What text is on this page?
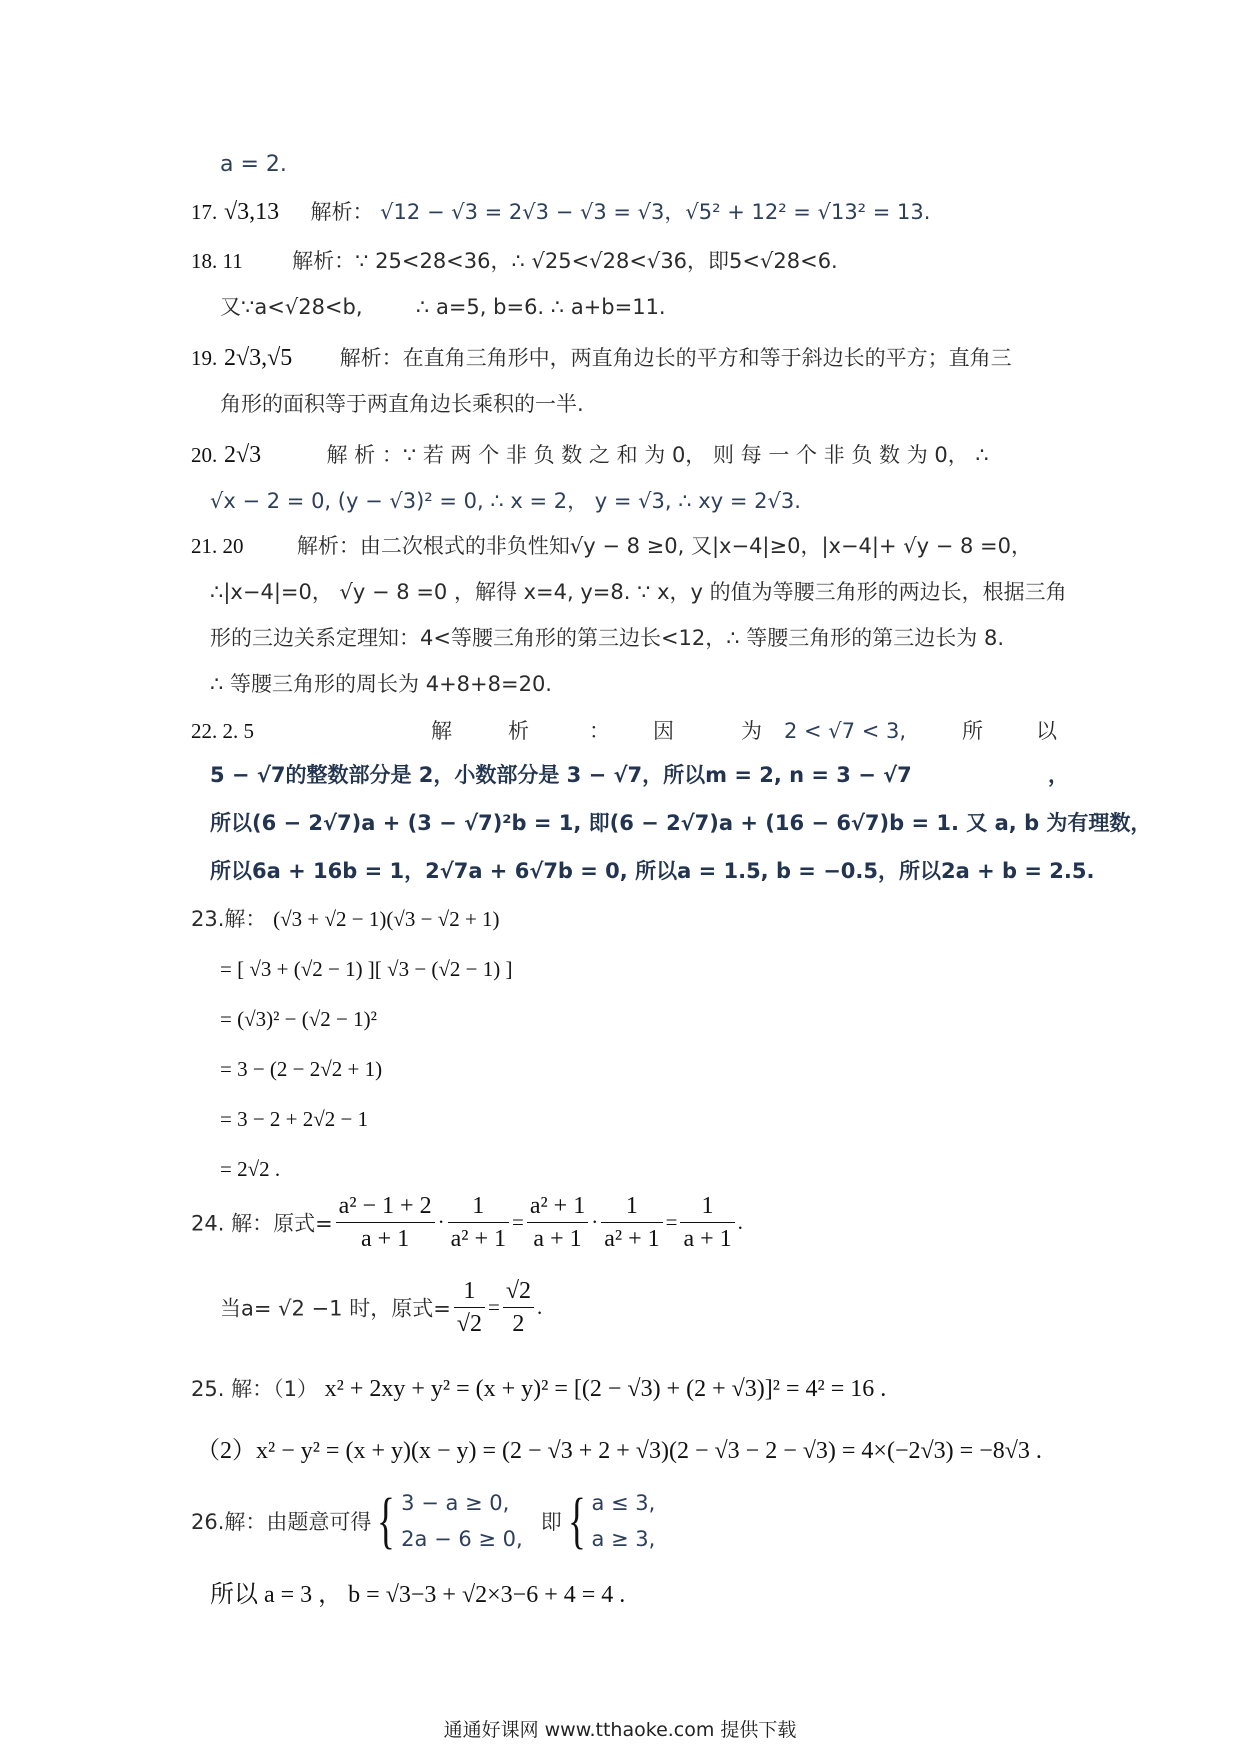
a = 2.
17. √3,13 解析： √12 − √3 = 2√3 − √3 = √3，√5² + 12² = √13² = 13.
18. 11 解析：∵ 25<28<36，∴ √25<√28<√36，即5<√28<6.
又∵a<√28<b,        ∴ a=5, b=6. ∴ a+b=11.
19. 2√3,√5 解析：在直角三角形中，两直角边长的平方和等于斜边长的平方；直角三
角形的面积等于两直角边长乘积的一半.
20. 2√3	解 析 ：∵ 若 两 个 非 负 数 之 和 为 0， 则 每 一 个 非 负 数 为 0， ∴
√x − 2 = 0, (y − √3)² = 0, ∴ x = 2， y = √3, ∴ xy = 2√3.
21. 20	解析：由二次根式的非负性知√y − 8 ≥0, 又|x−4|≥0，|x−4|+ √y − 8 =0，
∴|x−4|=0， √y − 8 =0 ，解得 x=4, y=8. ∵ x，y 的值为等腰三角形的两边长，根据三角
形的三边关系定理知：4<等腰三角形的第三边长<12，∴ 等腰三角形的第三边长为 8.
∴ 等腰三角形的周长为 4+8+8=20.
22. 2. 5	解	析	： 因	为 2 < √7 < 3,	所	以
5 − √7的整数部分是 2，小数部分是 3 − √7，所以m = 2, n = 3 − √7	，
所以(6 − 2√7)a + (3 − √7)²b = 1, 即(6 − 2√7)a + (16 − 6√7)b = 1. 又 a, b 为有理数，
所以6a + 16b = 1，2√7a + 6√7b = 0, 所以a = 1.5, b = −0.5，所以2a + b = 2.5.
23.解： (√3 + √2 − 1)(√3 − √2 + 1)
= [ √3 + (√2 − 1) ][ √3 − (√2 − 1) ]
= (√3)² − (√2 − 1)²
= 3 − (2 − 2√2 + 1)
= 3 − 2 + 2√2 − 1
= 2√2 .
24. 解：原式= $\frac{\text{a² − 1 + 2}}{a + 1} \cdot \frac{1}{\text{a² + 1}} = \frac{\text{a² + 1}}{a + 1} \cdot \frac{1}{\text{a² + 1}} = \frac{1}{a + 1}$ .
当a= √2 −1 时，原式= $\frac{1}{√2} = \frac{√2}{2}$ .
25. 解：（1） x² + 2xy + y² = (x + y)² = [(2 − √3) + (2 + √3)]² = 4² = 16 .
（2）x² − y² = (x + y)(x − y) = (2 − √3 + 2 + √3)(2 − √3 − 2 − √3) = 4×(−2√3) = −8√3 .
26.解：由题意可得{ 3 − a ≥ 0,
2a − 6 ≥ 0,
即{ a ≤ 3,
a ≥ 3,
所以 a = 3 ， b = √3−3 + √2×3−6 + 4 = 4 .
通通好课网 www.tthaoke.com 提供下载
